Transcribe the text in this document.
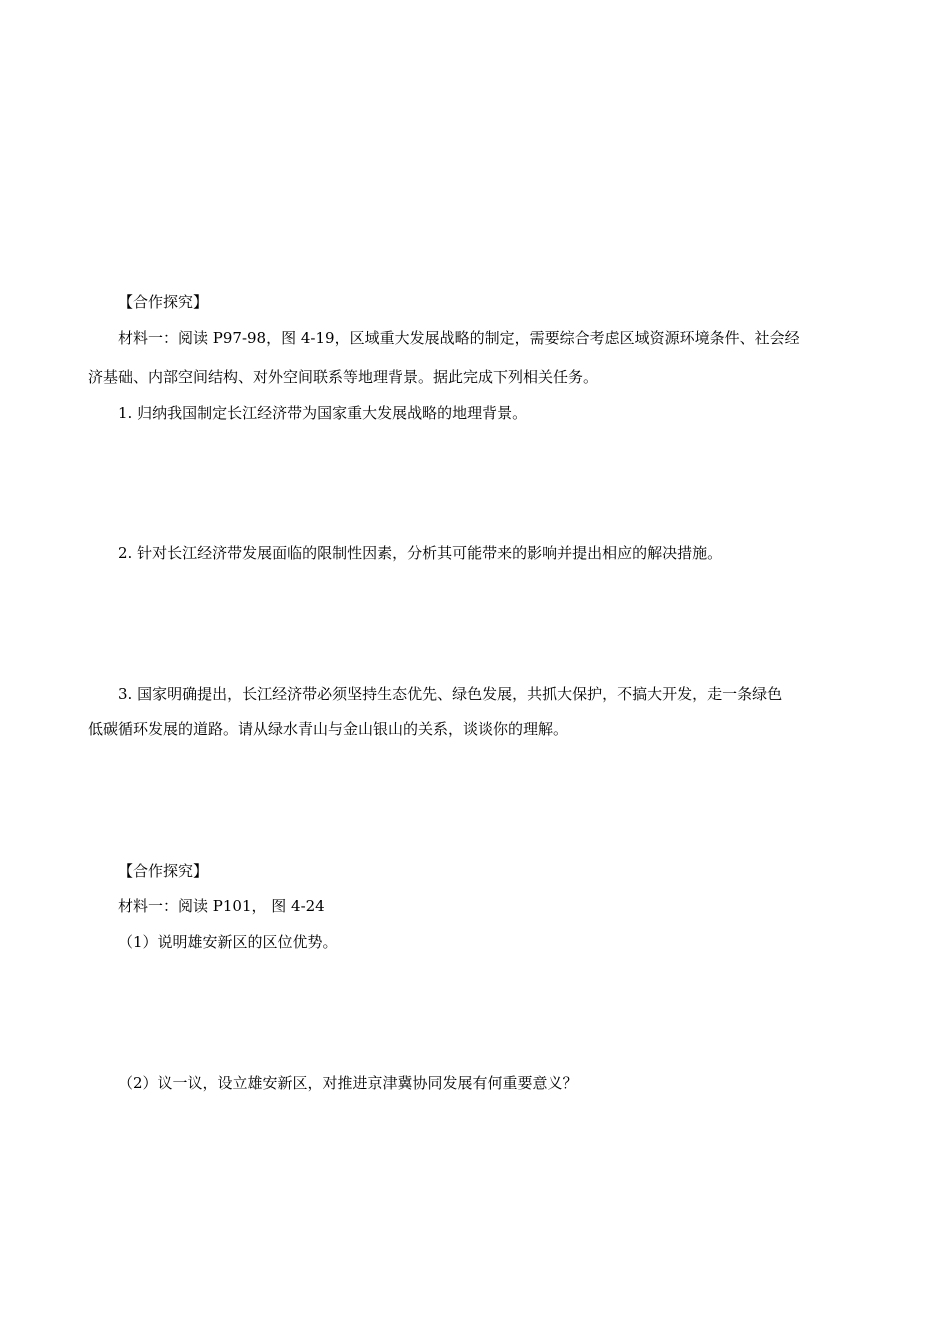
【合作探究】
材料一：阅读 P97-98，图 4-19，区域重大发展战略的制定，需要综合考虑区域资源环境条件、社会经
济基础、内部空间结构、对外空间联系等地理背景。据此完成下列相关任务。
1. 归纳我国制定长江经济带为国家重大发展战略的地理背景。
2. 针对长江经济带发展面临的限制性因素，分析其可能带来的影响并提出相应的解决措施。
3. 国家明确提出，长江经济带必须坚持生态优先、绿色发展，共抓大保护，不搞大开发，走一条绿色
低碳循环发展的道路。请从绿水青山与金山银山的关系，谈谈你的理解。
【合作探究】
材料一：阅读 P101， 图 4-24
（1）说明雄安新区的区位优势。
（2）议一议，设立雄安新区，对推进京津冀协同发展有何重要意义？
